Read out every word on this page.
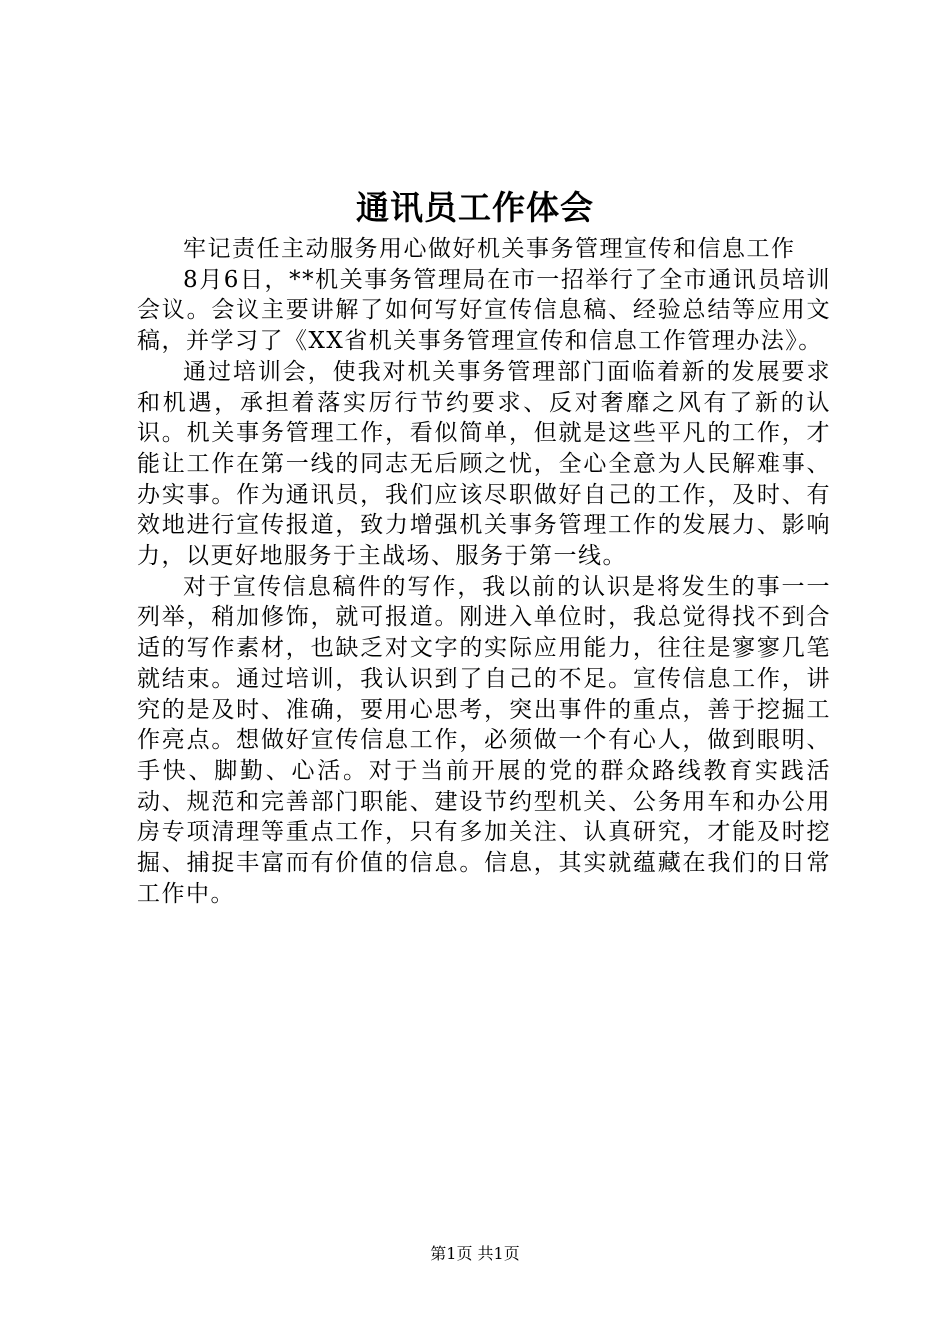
通讯员工作体会

牢记责任主动服务用心做好机关事务管理宣传和信息工作

8月6日，**机关事务管理局在市一招举行了全市通讯员培训会议。会议主要讲解了如何写好宣传信息稿、经验总结等应用文稿，并学习了《XX省机关事务管理宣传和信息工作管理办法》。

通过培训会，使我对机关事务管理部门面临着新的发展要求和机遇，承担着落实厉行节约要求、反对奢靡之风有了新的认识。机关事务管理工作，看似简单，但就是这些平凡的工作，才能让工作在第一线的同志无后顾之忧，全心全意为人民解难事、办实事。作为通讯员，我们应该尽职做好自己的工作，及时、有效地进行宣传报道，致力增强机关事务管理工作的发展力、影响力，以更好地服务于主战场、服务于第一线。

对于宣传信息稿件的写作，我以前的认识是将发生的事一一列举，稍加修饰，就可报道。刚进入单位时，我总觉得找不到合适的写作素材，也缺乏对文字的实际应用能力，往往是寥寥几笔就结束。通过培训，我认识到了自己的不足。宣传信息工作，讲究的是及时、准确，要用心思考，突出事件的重点，善于挖掘工作亮点。想做好宣传信息工作，必须做一个有心人，做到眼明、手快、脚勤、心活。对于当前开展的党的群众路线教育实践活动、规范和完善部门职能、建设节约型机关、公务用车和办公用房专项清理等重点工作，只有多加关注、认真研究，才能及时挖掘、捕捉丰富而有价值的信息。信息，其实就蕴藏在我们的日常工作中。

第1页 共1页
